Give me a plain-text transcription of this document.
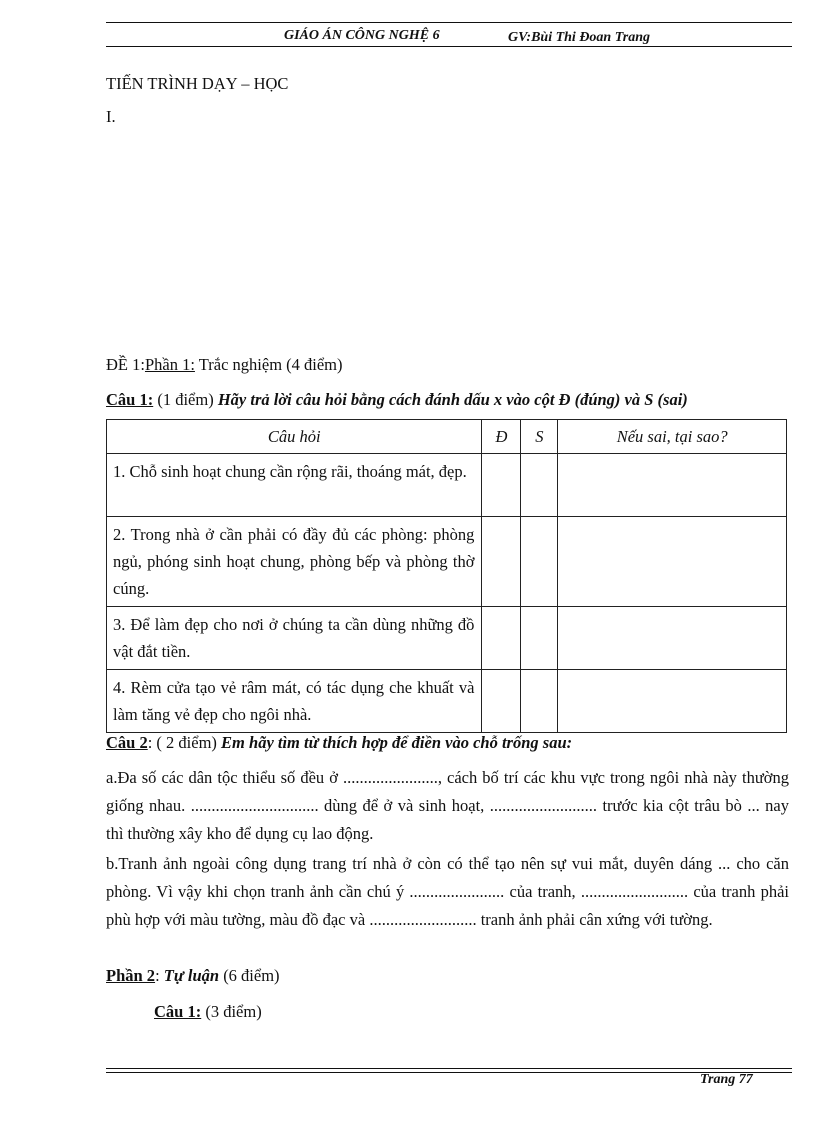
GIÁO ÁN CÔNG NGHỆ 6	GV:Bùi Thi Đoan Trang
TIẾN TRÌNH DẠY – HỌC
I.
ĐỀ 1:Phần 1: Trắc nghiệm (4 điểm)
Câu 1: (1 điểm) Hãy trả lời câu hỏi bằng cách đánh dấu x vào cột Đ (đúng) và S (sai)
Câu hỏi	Đ	S	Nếu sai, tại sao?
1. Chỗ sinh hoạt chung cần rộng rãi, thoáng mát, đẹp.			
2. Trong nhà ở cần phải có đầy đủ các phòng: phòng ngủ, phóng sinh hoạt chung, phòng bếp và phòng thờ cúng.			
3. Để làm đẹp cho nơi ở chúng ta cần dùng những đồ vật đắt tiền.			
4. Rèm cửa tạo vẻ râm mát, có tác dụng che khuất và làm tăng vẻ đẹp cho ngôi nhà.			
Câu 2: ( 2 điểm) Em hãy tìm từ thích hợp để điền vào chỗ trống sau:
a.Đa số các dân tộc thiểu số đều ở ......................., cách bố trí các khu vực trong ngôi nhà này thường giống nhau. ............................... dùng để ở và sinh hoạt, .......................... trước kia cột trâu bò ... nay thì thường xây kho để dụng cụ lao động.
b.Tranh ảnh ngoài công dụng trang trí nhà ở còn có thể tạo nên sự vui mắt, duyên dáng ... cho căn phòng. Vì vậy khi chọn tranh ảnh cần chú ý ....................... của tranh, .......................... của tranh phải phù hợp với màu tường, màu đồ đạc và .......................... tranh ảnh phải cân xứng với tường.
Phần 2: Tự luận (6 điểm)
Câu 1: (3 điểm)
Trang 77
